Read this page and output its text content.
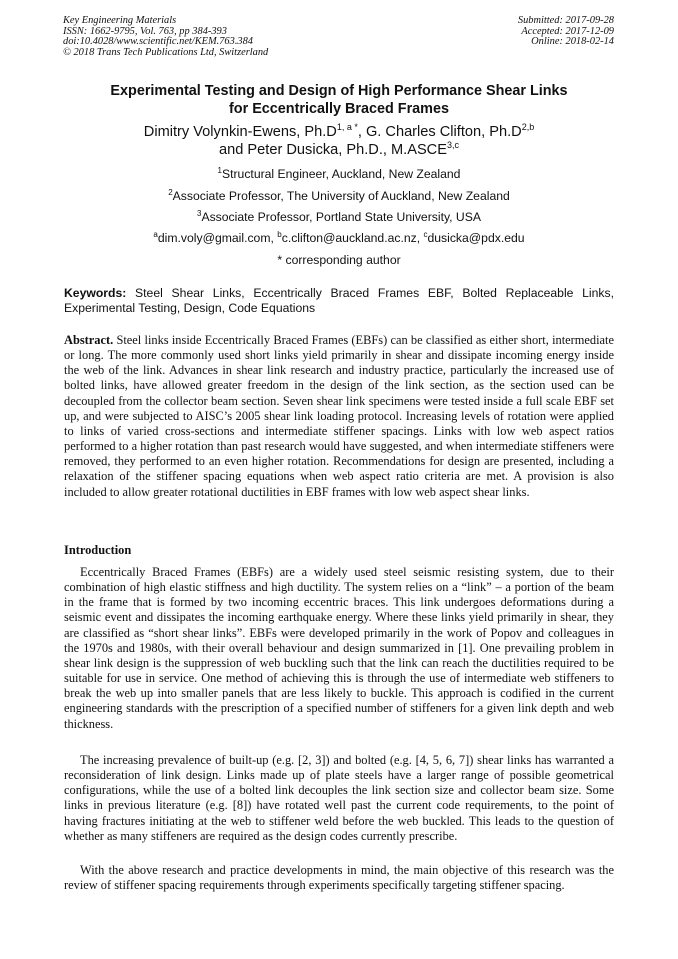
Key Engineering Materials
ISSN: 1662-9795, Vol. 763, pp 384-393
doi:10.4028/www.scientific.net/KEM.763.384
© 2018 Trans Tech Publications Ltd, Switzerland
Submitted: 2017-09-28
Accepted: 2017-12-09
Online: 2018-02-14
Experimental Testing and Design of High Performance Shear Links
for Eccentrically Braced Frames
Dimitry Volynkin-Ewens, $Ph.D^{1, a *}$, G. Charles Clifton, $Ph.D^{2,b}$
and Peter Dusicka, Ph.D., M.ASCE$^{3,c}$
$^1$Structural Engineer, Auckland, New Zealand
$^2$Associate Professor, The University of Auckland, New Zealand
$^3$Associate Professor, Portland State University, USA
$^a$dim.voly@gmail.com, $^b$c.clifton@auckland.ac.nz, $^c$dusicka@pdx.edu
* corresponding author
Keywords: Steel Shear Links, Eccentrically Braced Frames EBF, Bolted Replaceable Links, Experimental Testing, Design, Code Equations
Abstract. Steel links inside Eccentrically Braced Frames (EBFs) can be classified as either short, intermediate or long. The more commonly used short links yield primarily in shear and dissipate incoming energy inside the web of the link. Advances in shear link research and industry practice, particularly the increased use of bolted links, have allowed greater freedom in the design of the link section, as the section used can be decoupled from the collector beam section. Seven shear link specimens were tested inside a full scale EBF set up, and were subjected to AISC’s 2005 shear link loading protocol. Increasing levels of rotation were applied to links of varied cross-sections and intermediate stiffener spacings. Links with low web aspect ratios performed to a higher rotation than past research would have suggested, and when intermediate stiffeners were removed, they performed to an even higher rotation. Recommendations for design are presented, including a relaxation of the stiffener spacing equations when web aspect ratio criteria are met. A provision is also included to allow greater rotational ductilities in EBF frames with low web aspect shear links.
Introduction
Eccentrically Braced Frames (EBFs) are a widely used steel seismic resisting system, due to their combination of high elastic stiffness and high ductility. The system relies on a “link” – a portion of the beam in the frame that is formed by two incoming eccentric braces. This link undergoes deformations during a seismic event and dissipates the incoming earthquake energy. Where these links yield primarily in shear, they are classified as “short shear links”. EBFs were developed primarily in the work of Popov and colleagues in the 1970s and 1980s, with their overall behaviour and design summarized in [1]. One prevailing problem in shear link design is the suppression of web buckling such that the link can reach the ductilities required to be suitable for use in service. One method of achieving this is through the use of intermediate web stiffeners to break the web up into smaller panels that are less likely to buckle. This approach is codified in the current engineering standards with the prescription of a specified number of stiffeners for a given link depth and web thickness.
The increasing prevalence of built-up (e.g. [2, 3]) and bolted (e.g. [4, 5, 6, 7]) shear links has warranted a reconsideration of link design. Links made up of plate steels have a larger range of possible geometrical configurations, while the use of a bolted link decouples the link section size and collector beam size. Some links in previous literature (e.g. [8]) have rotated well past the current code requirements, to the point of having fractures initiating at the web to stiffener weld before the web buckled. This leads to the question of whether as many stiffeners are required as the design codes currently prescribe.
With the above research and practice developments in mind, the main objective of this research was the review of stiffener spacing requirements through experiments specifically targeting stiffener spacing.
